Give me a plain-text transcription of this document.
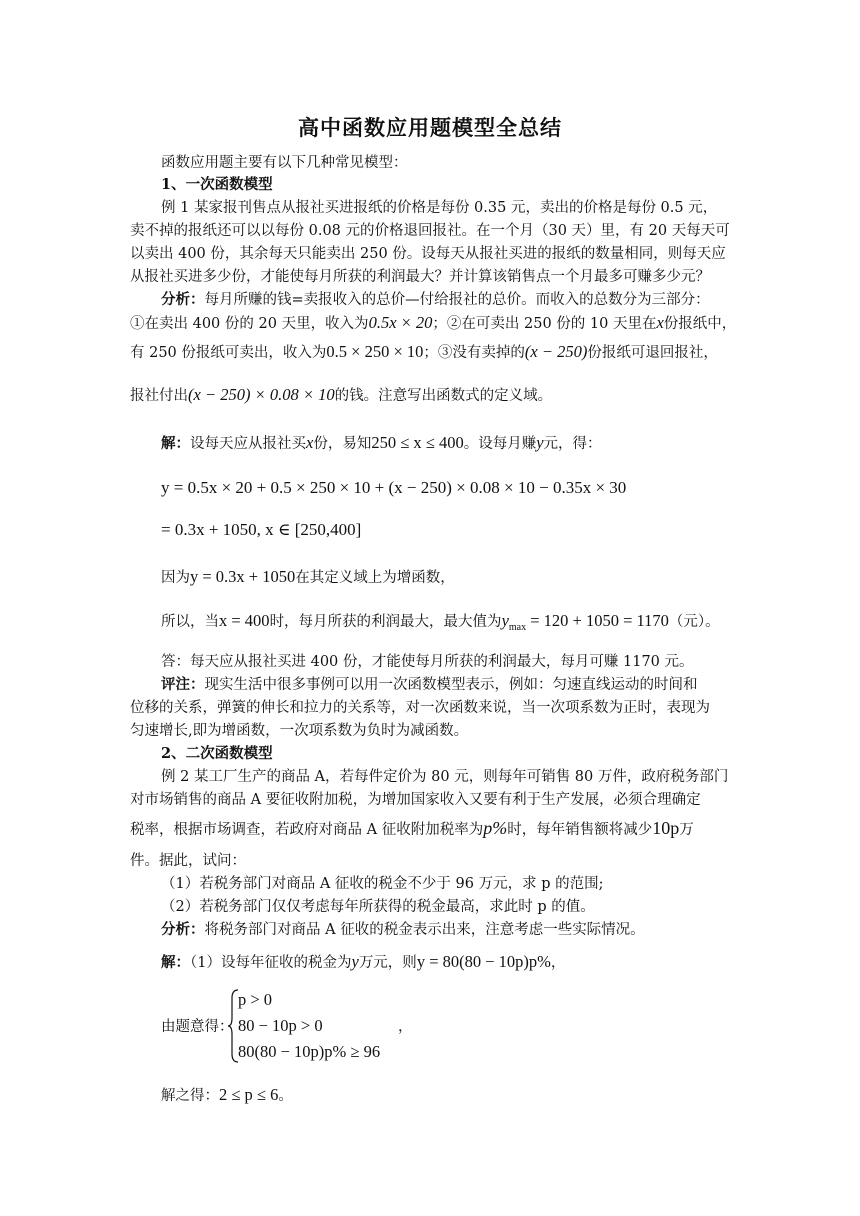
高中函数应用题模型全总结
函数应用题主要有以下几种常见模型：
1、一次函数模型
例 1 某家报刊售点从报社买进报纸的价格是每份 0.35 元，卖出的价格是每份 0.5 元，
卖不掉的报纸还可以以每份 0.08 元的价格退回报社。在一个月（30 天）里，有 20 天每天可
以卖出 400 份，其余每天只能卖出 250 份。设每天从报社买进的报纸的数量相同，则每天应
从报社买进多少份，才能使每月所获的利润最大？并计算该销售点一个月最多可赚多少元？
分析：每月所赚的钱=卖报收入的总价—付给报社的总价。而收入的总数分为三部分：
①在卖出 400 份的 20 天里，收入为0.5x × 20；②在可卖出 250 份的 10 天里在x份报纸中，
有 250 份报纸可卖出，收入为0.5 × 250 × 10；③没有卖掉的(x − 250)份报纸可退回报社，
报社付出(x − 250) × 0.08 × 10的钱。注意写出函数式的定义域。
解：设每天应从报社买x份，易知250 ≤ x ≤ 400。设每月赚y元，得：
y = 0.5x × 20 + 0.5 × 250 × 10 + (x − 250) × 0.08 × 10 − 0.35x × 30
= 0.3x + 1050, x ∈ [250,400]
因为y = 0.3x + 1050在其定义域上为增函数，
所以，当x = 400时，每月所获的利润最大，最大值为$y_{max} = 120 + 1050 = 1170$（元）。
答：每天应从报社买进 400 份，才能使每月所获的利润最大，每月可赚 1170 元。
评注：现实生活中很多事例可以用一次函数模型表示，例如：匀速直线运动的时间和
位移的关系，弹簧的伸长和拉力的关系等，对一次函数来说，当一次项系数为正时，表现为
匀速增长,即为增函数，一次项系数为负时为减函数。
2、二次函数模型
例 2 某工厂生产的商品 A，若每件定价为 80 元，则每年可销售 80 万件，政府税务部门
对市场销售的商品 A 要征收附加税，为增加国家收入又要有利于生产发展，必须合理确定
税率，根据市场调查，若政府对商品 A 征收附加税率为p%时，每年销售额将减少10p万
件。据此，试问：
（1）若税务部门对商品 A 征收的税金不少于 96 万元，求 p 的范围;
（2）若税务部门仅仅考虑每年所获得的税金最高，求此时 p 的值。
分析：将税务部门对商品 A 征收的税金表示出来，注意考虑一些实际情况。
解：（1）设每年征收的税金为y万元，则y = 80(80 − 10p)p%，
由题意得：
p > 0
80 − 10p > 0
80(80 − 10p)p% ≥ 96
，
解之得：2 ≤ p ≤ 6。
